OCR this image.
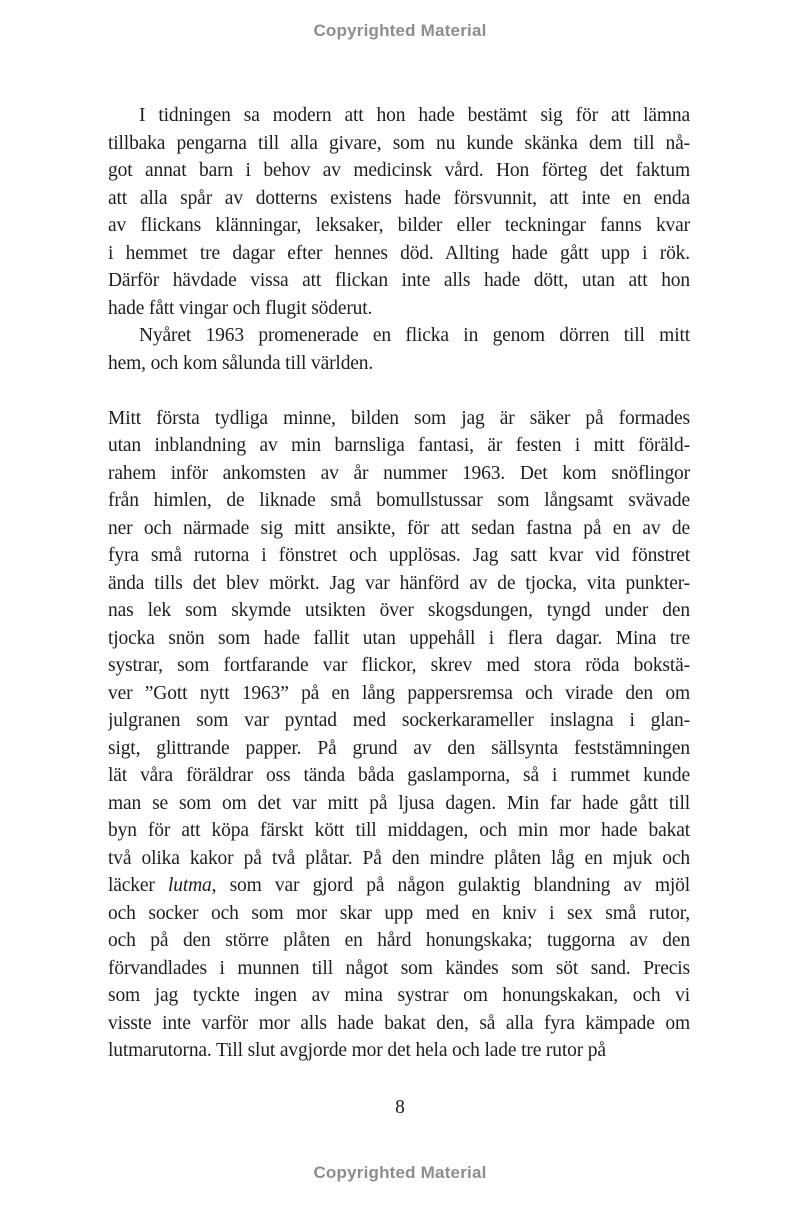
Copyrighted Material
I tidningen sa modern att hon hade bestämt sig för att lämna
tillbaka pengarna till alla givare, som nu kunde skänka dem till nå-
got annat barn i behov av medicinsk vård. Hon förteg det faktum
att alla spår av dotterns existens hade försvunnit, att inte en enda
av flickans klänningar, leksaker, bilder eller teckningar fanns kvar
i hemmet tre dagar efter hennes död. Allting hade gått upp i rök.
Därför hävdade vissa att flickan inte alls hade dött, utan att hon
hade fått vingar och flugit söderut.
Nyåret 1963 promenerade en flicka in genom dörren till mitt
hem, och kom sålunda till världen.
Mitt första tydliga minne, bilden som jag är säker på formades
utan inblandning av min barnsliga fantasi, är festen i mitt föräld-
rahem inför ankomsten av år nummer 1963. Det kom snöflingor
från himlen, de liknade små bomullstussar som långsamt svävade
ner och närmade sig mitt ansikte, för att sedan fastna på en av de
fyra små rutorna i fönstret och upplösas. Jag satt kvar vid fönstret
ända tills det blev mörkt. Jag var hänförd av de tjocka, vita punkter-
nas lek som skymde utsikten över skogsdungen, tyngd under den
tjocka snön som hade fallit utan uppehåll i flera dagar. Mina tre
systrar, som fortfarande var flickor, skrev med stora röda bokstä-
ver ”Gott nytt 1963” på en lång pappersremsa och virade den om
julgranen som var pyntad med sockerkarameller inslagna i glan-
sigt, glittrande papper. På grund av den sällsynta feststämningen
lät våra föräldrar oss tända båda gaslamporna, så i rummet kunde
man se som om det var mitt på ljusa dagen. Min far hade gått till
byn för att köpa färskt kött till middagen, och min mor hade bakat
två olika kakor på två plåtar. På den mindre plåten låg en mjuk och
läcker lutma, som var gjord på någon gulaktig blandning av mjöl
och socker och som mor skar upp med en kniv i sex små rutor,
och på den större plåten en hård honungskaka; tuggorna av den
förvandlades i munnen till något som kändes som söt sand. Precis
som jag tyckte ingen av mina systrar om honungskakan, och vi
visste inte varför mor alls hade bakat den, så alla fyra kämpade om
lutmarutorna. Till slut avgjorde mor det hela och lade tre rutor på
8
Copyrighted Material
